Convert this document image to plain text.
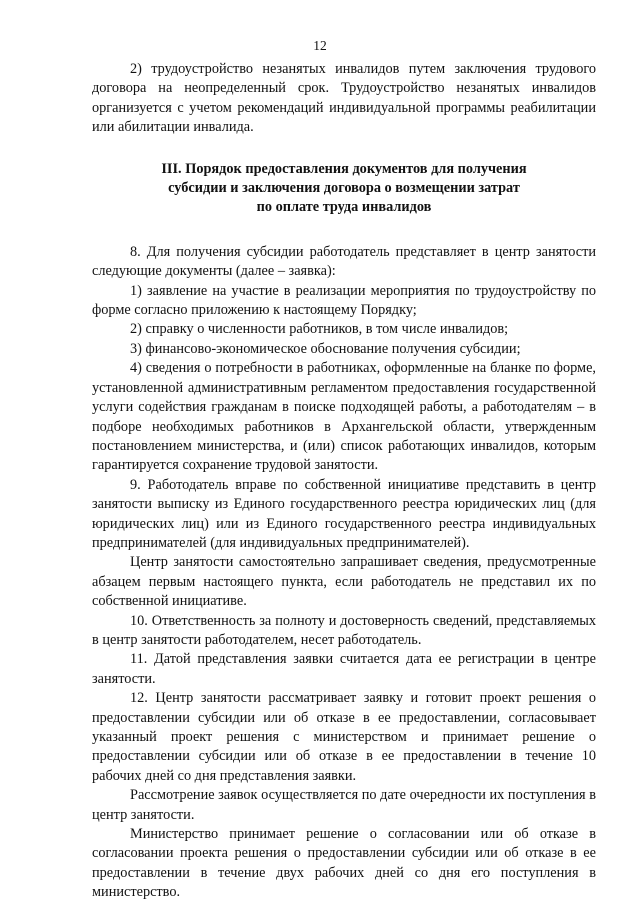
12

2) трудоустройство незанятых инвалидов путем заключения трудового договора на неопределенный срок. Трудоустройство незанятых инвалидов организуется с учетом рекомендаций индивидуальной программы реабилитации или абилитации инвалида.

III. Порядок предоставления документов для получения
субсидии и заключения договора о возмещении затрат
по оплате труда инвалидов

8. Для получения субсидии работодатель представляет в центр занятости следующие документы (далее – заявка):

1) заявление на участие в реализации мероприятия по трудоустройству по форме согласно приложению к настоящему Порядку;

2) справку о численности работников, в том числе инвалидов;

3) финансово-экономическое обоснование получения субсидии;

4) сведения о потребности в работниках, оформленные на бланке по форме, установленной административным регламентом предоставления государственной услуги содействия гражданам в поиске подходящей работы, а работодателям – в подборе необходимых работников в Архангельской области, утвержденным постановлением министерства, и (или) список работающих инвалидов, которым гарантируется сохранение трудовой занятости.

9. Работодатель вправе по собственной инициативе представить в центр занятости выписку из Единого государственного реестра юридических лиц (для юридических лиц) или из Единого государственного реестра индивидуальных предпринимателей (для индивидуальных предпринимателей).

Центр занятости самостоятельно запрашивает сведения, предусмотренные абзацем первым настоящего пункта, если работодатель не представил их по собственной инициативе.

10. Ответственность за полноту и достоверность сведений, представляемых в центр занятости работодателем, несет работодатель.

11. Датой представления заявки считается дата ее регистрации в центре занятости.

12. Центр занятости рассматривает заявку и готовит проект решения о предоставлении субсидии или об отказе в ее предоставлении, согласовывает указанный проект решения с министерством и принимает решение о предоставлении субсидии или об отказе в ее предоставлении в течение 10 рабочих дней со дня представления заявки.

Рассмотрение заявок осуществляется по дате очередности их поступления в центр занятости.

Министерство принимает решение о согласовании или об отказе в согласовании проекта решения о предоставлении субсидии или об отказе в ее предоставлении в течение двух рабочих дней со дня его поступления в министерство.
